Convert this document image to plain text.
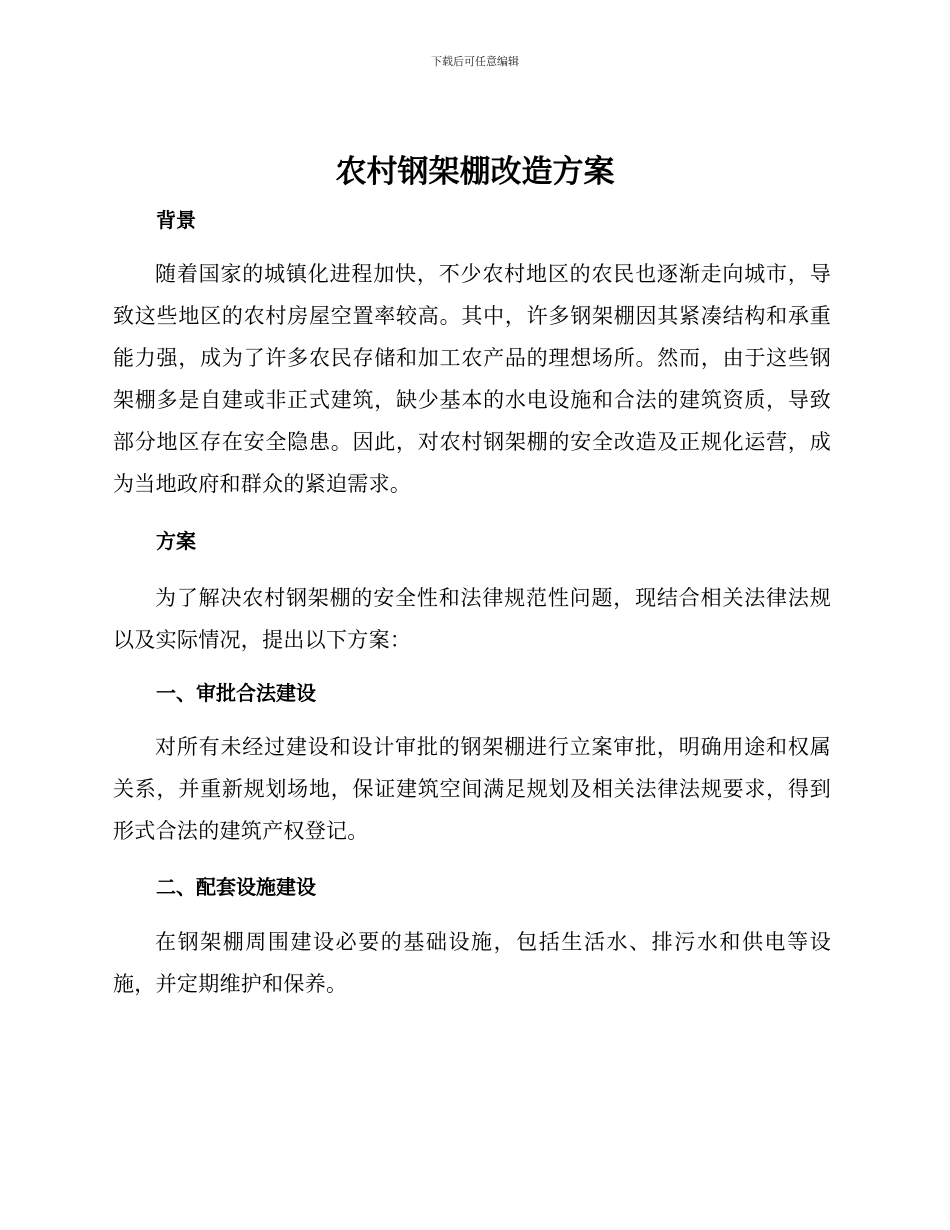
下载后可任意编辑
农村钢架棚改造方案
背景

随着国家的城镇化进程加快，不少农村地区的农民也逐渐走向城市，导致这些地区的农村房屋空置率较高。其中，许多钢架棚因其紧凑结构和承重能力强，成为了许多农民存储和加工农产品的理想场所。然而，由于这些钢架棚多是自建或非正式建筑，缺少基本的水电设施和合法的建筑资质，导致部分地区存在安全隐患。因此，对农村钢架棚的安全改造及正规化运营，成为当地政府和群众的紧迫需求。

方案

为了解决农村钢架棚的安全性和法律规范性问题，现结合相关法律法规以及实际情况，提出以下方案：

一、审批合法建设

对所有未经过建设和设计审批的钢架棚进行立案审批，明确用途和权属关系，并重新规划场地，保证建筑空间满足规划及相关法律法规要求，得到形式合法的建筑产权登记。

二、配套设施建设

在钢架棚周围建设必要的基础设施，包括生活水、排污水和供电等设施，并定期维护和保养。
